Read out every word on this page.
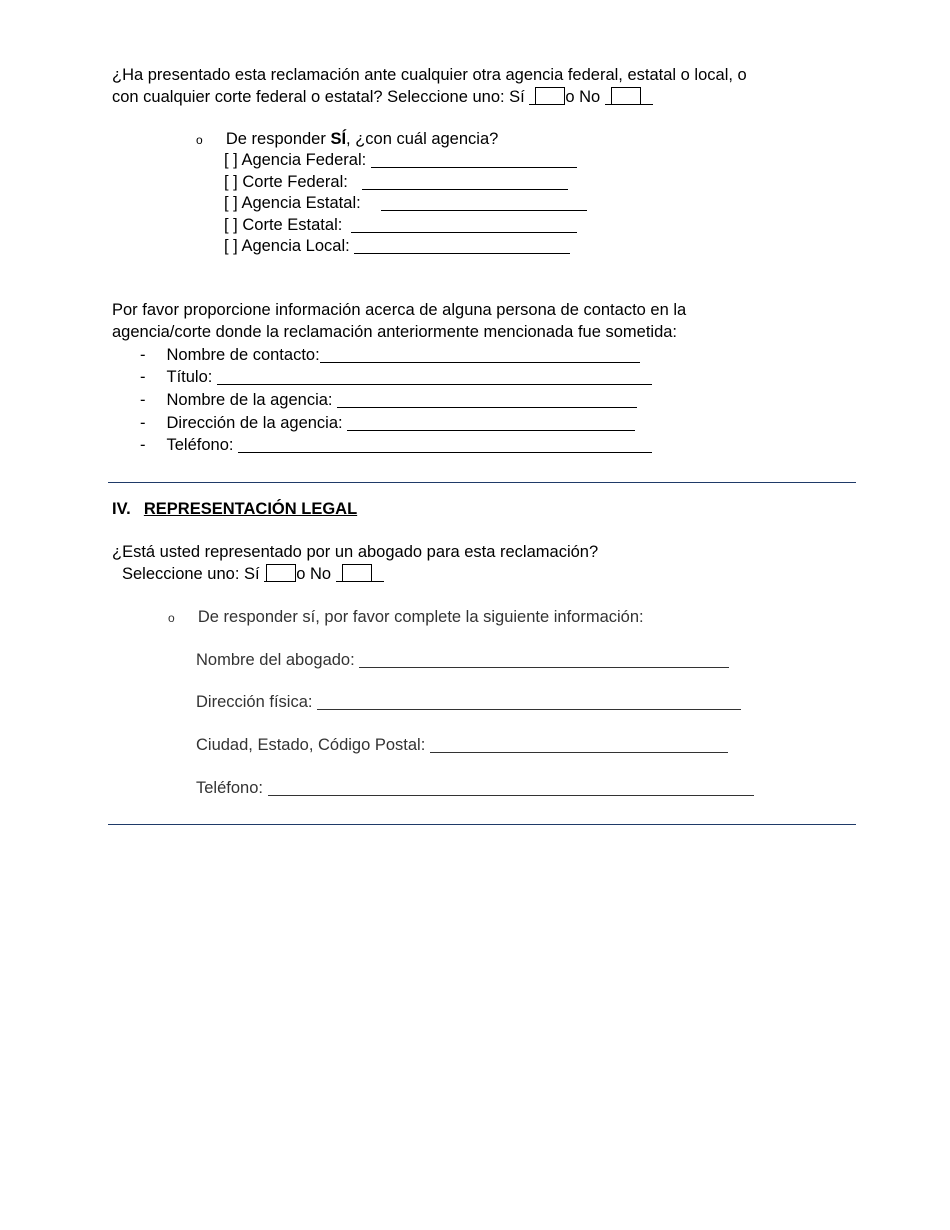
¿Ha presentado esta reclamación ante cualquier otra agencia federal, estatal o local, o
con cualquier corte federal o estatal? Seleccione uno: Sí o No
o De responder SÍ, ¿con cuál agencia?
[ ] Agencia Federal:
[ ] Corte Federal:
[ ] Agencia Estatal:
[ ] Corte Estatal:
[ ] Agencia Local:
Por favor proporcione información acerca de alguna persona de contacto en la
agencia/corte donde la reclamación anteriormente mencionada fue sometida:
- Nombre de contacto:
- Título:
- Nombre de la agencia:
- Dirección de la agencia:
- Teléfono:
IV. REPRESENTACIÓN LEGAL
¿Está usted representado por un abogado para esta reclamación?
Seleccione uno: Sí o No
o De responder sí, por favor complete la siguiente información:
Nombre del abogado:
Dirección física:
Ciudad, Estado, Código Postal:
Teléfono:
